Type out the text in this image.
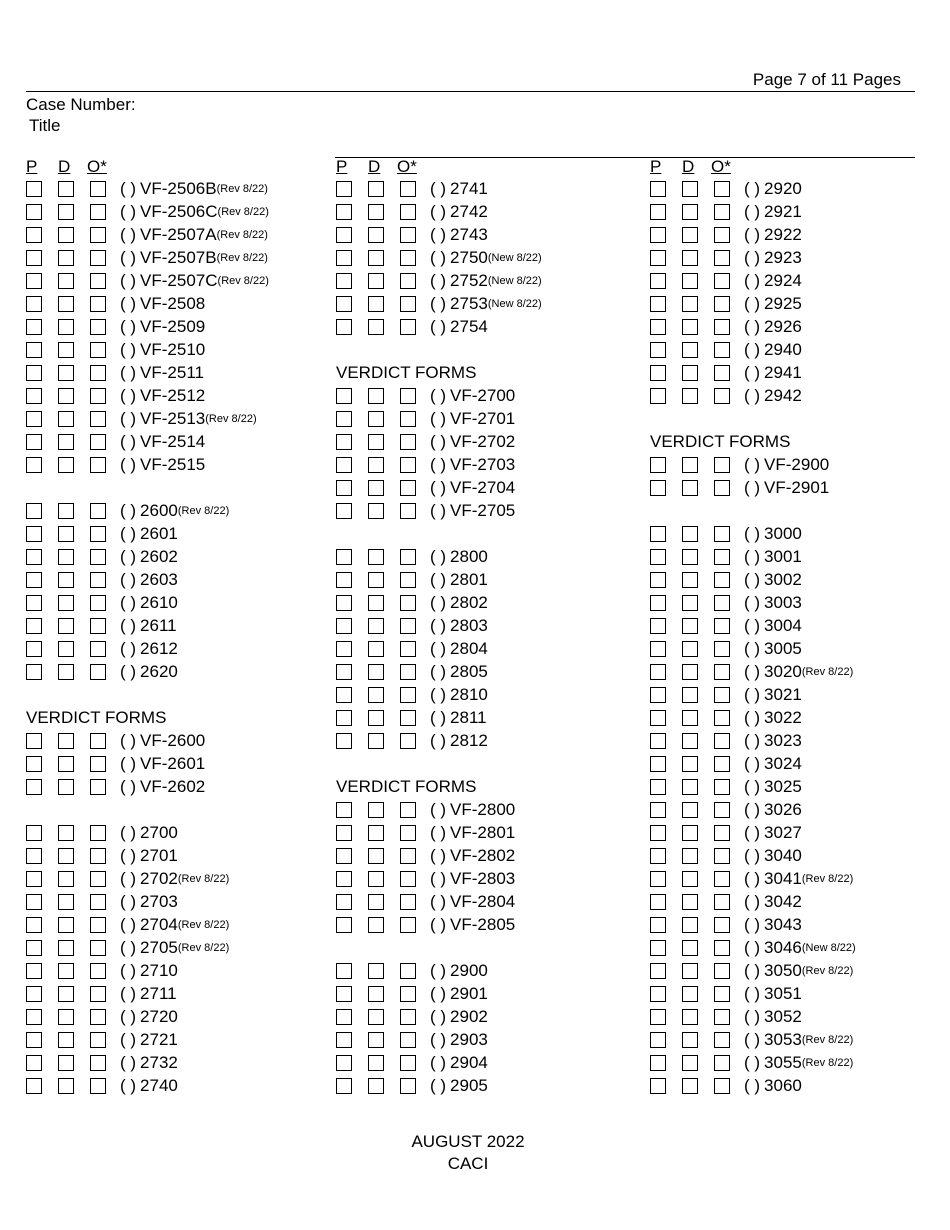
Page 7 of 11 Pages
Case Number:
Title
P D O*
( ) VF-2506B (Rev 8/22)
( ) VF-2506C (Rev 8/22)
( ) VF-2507A (Rev 8/22)
( ) VF-2507B (Rev 8/22)
( ) VF-2507C (Rev 8/22)
( ) VF-2508
( ) VF-2509
( ) VF-2510
( ) VF-2511
( ) VF-2512
( ) VF-2513 (Rev 8/22)
( ) VF-2514
( ) VF-2515
( ) 2600 (Rev 8/22)
( ) 2601
( ) 2602
( ) 2603
( ) 2610
( ) 2611
( ) 2612
( ) 2620
VERDICT FORMS
( ) VF-2600
( ) VF-2601
( ) VF-2602
( ) 2700
( ) 2701
( ) 2702 (Rev 8/22)
( ) 2703
( ) 2704 (Rev 8/22)
( ) 2705 (Rev 8/22)
( ) 2710
( ) 2711
( ) 2720
( ) 2721
( ) 2732
( ) 2740
P D O*
( ) 2741
( ) 2742
( ) 2743
( ) 2750 (New 8/22)
( ) 2752 (New 8/22)
( ) 2753 (New 8/22)
( ) 2754
VERDICT FORMS
( ) VF-2700
( ) VF-2701
( ) VF-2702
( ) VF-2703
( ) VF-2704
( ) VF-2705
( ) 2800
( ) 2801
( ) 2802
( ) 2803
( ) 2804
( ) 2805
( ) 2810
( ) 2811
( ) 2812
VERDICT FORMS
( ) VF-2800
( ) VF-2801
( ) VF-2802
( ) VF-2803
( ) VF-2804
( ) VF-2805
( ) 2900
( ) 2901
( ) 2902
( ) 2903
( ) 2904
( ) 2905
P D O*
( ) 2920
( ) 2921
( ) 2922
( ) 2923
( ) 2924
( ) 2925
( ) 2926
( ) 2940
( ) 2941
( ) 2942
VERDICT FORMS
( ) VF-2900
( ) VF-2901
( ) 3000
( ) 3001
( ) 3002
( ) 3003
( ) 3004
( ) 3005
( ) 3020 (Rev 8/22)
( ) 3021
( ) 3022
( ) 3023
( ) 3024
( ) 3025
( ) 3026
( ) 3027
( ) 3040
( ) 3041 (Rev 8/22)
( ) 3042
( ) 3043
( ) 3046 (New 8/22)
( ) 3050 (Rev 8/22)
( ) 3051
( ) 3052
( ) 3053 (Rev 8/22)
( ) 3055 (Rev 8/22)
( ) 3060
AUGUST 2022
CACI
